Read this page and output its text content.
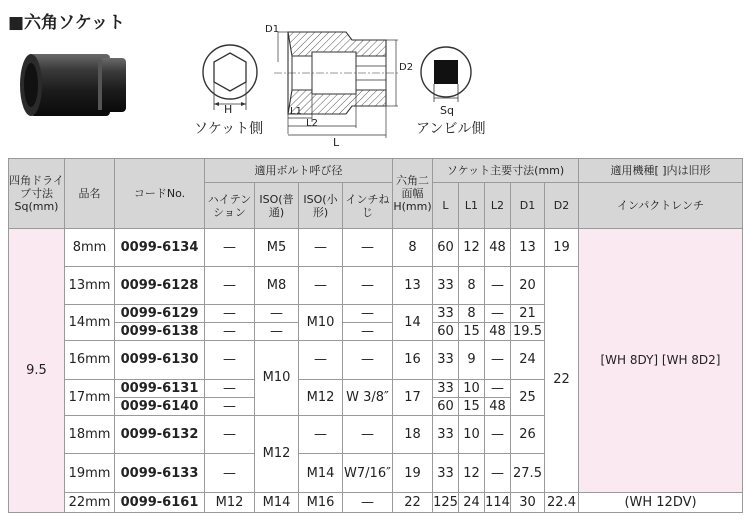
■六角ソケット
H
ソケット側
D1
D2
L1
L2
L
Sq
アンビル側
四角ドライブ寸法Sq(mm)	品名	コードNo.	適用ボルト呼び径				六角二面幅H(mm)	ソケット主要寸法(mm)					適用機種[ ]内は旧形
			ハイテンション	ISO(普通)	ISO(小形)	インチねじ		L	L1	L2	D1	D2	インパクトレンチ
9.5	8mm	0099-6134	—	M5	—	—	8	60	12	48	13	19	[WH 8DY] [WH 8D2]
	13mm	0099-6128	—	M8	—	—	13	33	8	—	20	22	
	14mm	0099-6129	—	—	M10	—	14	33	8	—	21		
		0099-6138	—	—		—		60	15	48	19.5		
	16mm	0099-6130	—	M10	—	—	16	33	9	—	24		
	17mm	0099-6131	—		M12	W 3/8″	17	33	10	—	25		
		0099-6140	—					60	15	48			
	18mm	0099-6132	—	M12	—	—	18	33	10	—	26		
	19mm	0099-6133	—		M14	W7/16″	19	33	12	—	27.5		
	22mm	0099-6161	M12	M14	M16	—	22	125	24	114	30	22.4	(WH 12DV)
